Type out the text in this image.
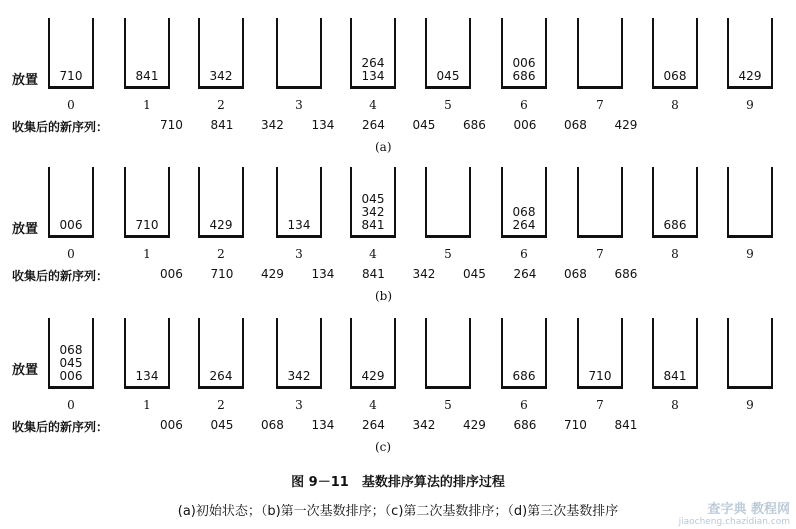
放置 710
0
841
1
342
2	3
264
134
4
045
5
006
686
6	7
068
8
429
9
收集后的新序列：	710 841 342 134 264 045 686 006 068 429
(a)
放置 006
0
710
1
429
2
134
3
045
342
841
4	5
068
264
6	7
686
8	9
收集后的新序列：	006 710 429 134 841 342 045 264 068 686
(b)
放置
068
045
006
0
134
1
264
2
342
3
429
4	5
686
6
710
7
841
8	9
收集后的新序列：	006 045 068 134 264 342 429 686 710 841
(c)
图 9－11　基数排序算法的排序过程
(a)初始状态；（b)第一次基数排序；（c)第二次基数排序；（d)第三次基数排序	查字典 教程网
jiaocheng.chazidian.com
